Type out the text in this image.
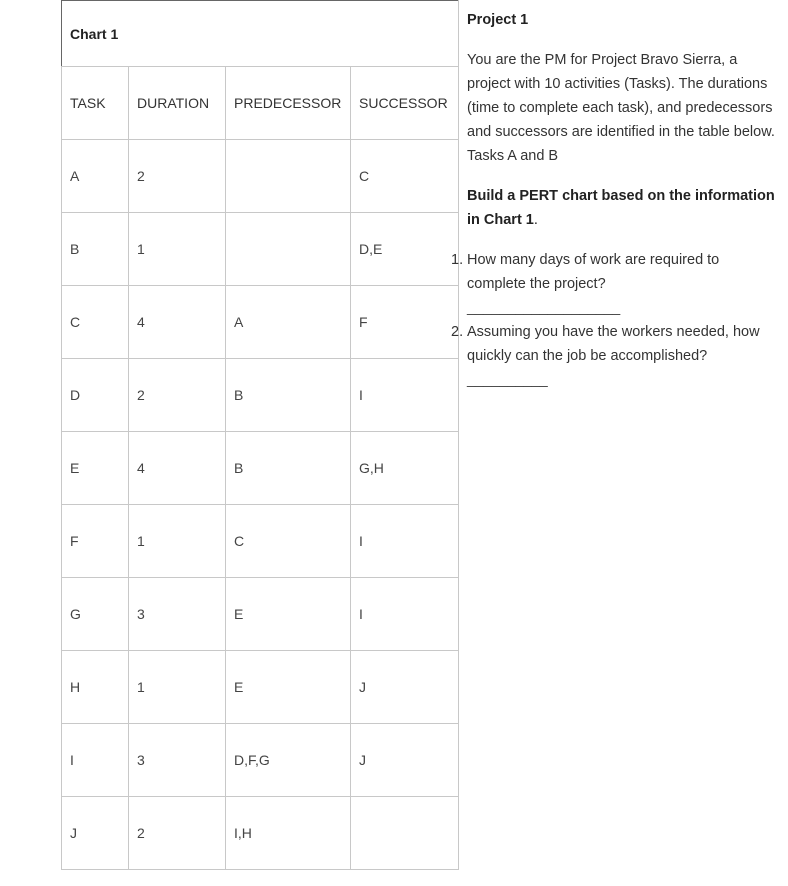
Chart 1			
TASK	DURATION	PREDECESSOR	SUCCESSOR
A	2		C
B	1		D,E
C	4	A	F
D	2	B	I
E	4	B	G,H
F	1	C	I
G	3	E	I
H	1	E	J
I	3	D,F,G	J
J	2	I,H	

Project 1

You are the PM for Project Bravo Sierra, a project with 10 activities (Tasks). The durations (time to complete each task), and predecessors and successors are identified in the table below. Tasks A and B

Build a PERT chart based on the information in Chart 1.

1. How many days of work are required to complete the project?
___________________
2. Assuming you have the workers needed, how quickly can the job be accomplished?
__________
